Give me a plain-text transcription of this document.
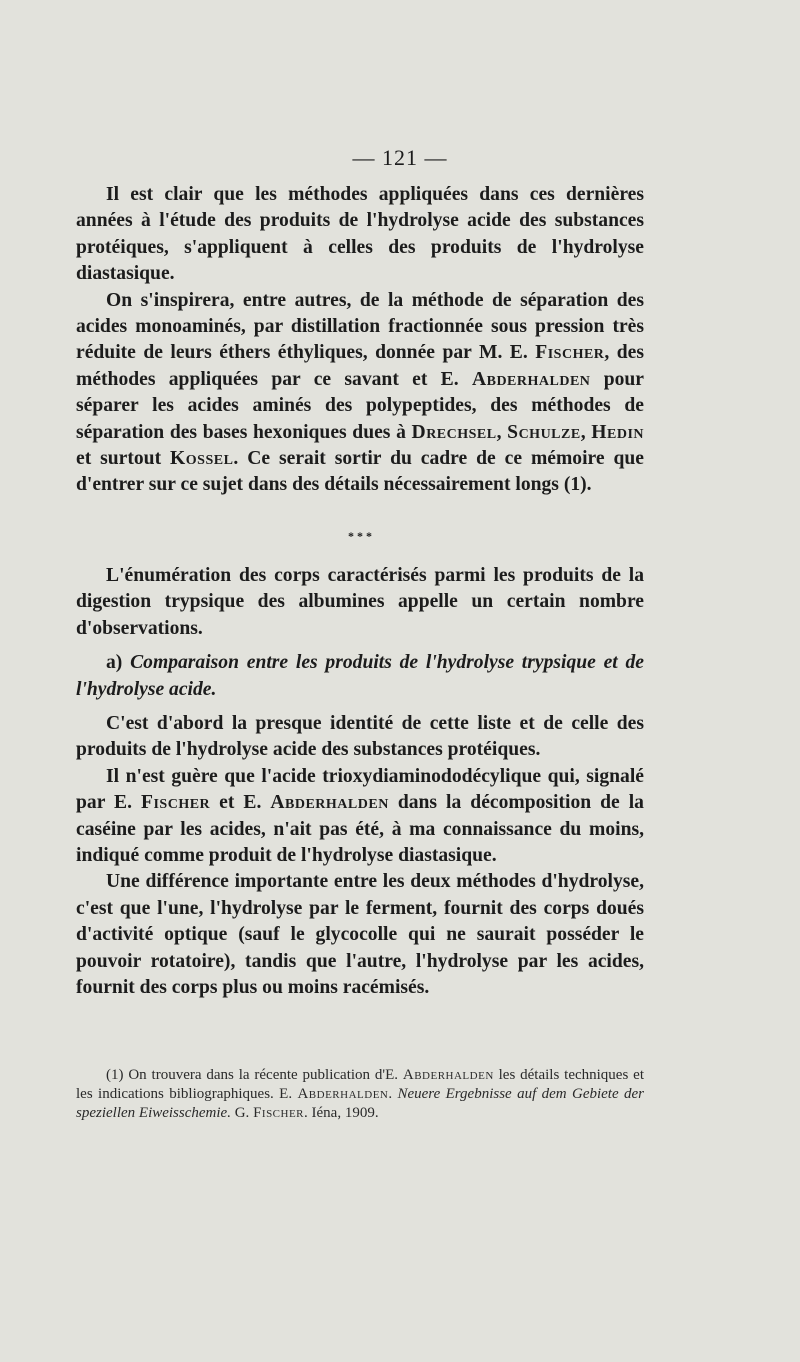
— 121 —

Il est clair que les méthodes appliquées dans ces dernières années à l'étude des produits de l'hydrolyse acide des substances protéiques, s'appliquent à celles des produits de l'hydrolyse diastasique.

On s'inspirera, entre autres, de la méthode de séparation des acides monoaminés, par distillation fractionnée sous pression très réduite de leurs éthers éthyliques, donnée par M. E. Fischer, des méthodes appliquées par ce savant et E. Abderhalden pour séparer les acides aminés des polypeptides, des méthodes de séparation des bases hexoniques dues à Drechsel, Schulze, Hedin et surtout Kossel. Ce serait sortir du cadre de ce mémoire que d'entrer sur ce sujet dans des détails nécessairement longs (1).

* * *

L'énumération des corps caractérisés parmi les produits de la digestion trypsique des albumines appelle un certain nombre d'observations.

a) Comparaison entre les produits de l'hydrolyse trypsique et de l'hydrolyse acide.

C'est d'abord la presque identité de cette liste et de celle des produits de l'hydrolyse acide des substances protéiques.

Il n'est guère que l'acide trioxydiaminododécylique qui, signalé par E. Fischer et E. Abderhalden dans la décomposition de la caséine par les acides, n'ait pas été, à ma connaissance du moins, indiqué comme produit de l'hydrolyse diastasique.

Une différence importante entre les deux méthodes d'hydrolyse, c'est que l'une, l'hydrolyse par le ferment, fournit des corps doués d'activité optique (sauf le glycocolle qui ne saurait posséder le pouvoir rotatoire), tandis que l'autre, l'hydrolyse par les acides, fournit des corps plus ou moins racémisés.

(1) On trouvera dans la récente publication d'E. Abderhalden les détails techniques et les indications bibliographiques. E. Abderhalden. Neuere Ergebnisse auf dem Gebiete der speziellen Eiweisschemie. G. Fischer. Iéna, 1909.
